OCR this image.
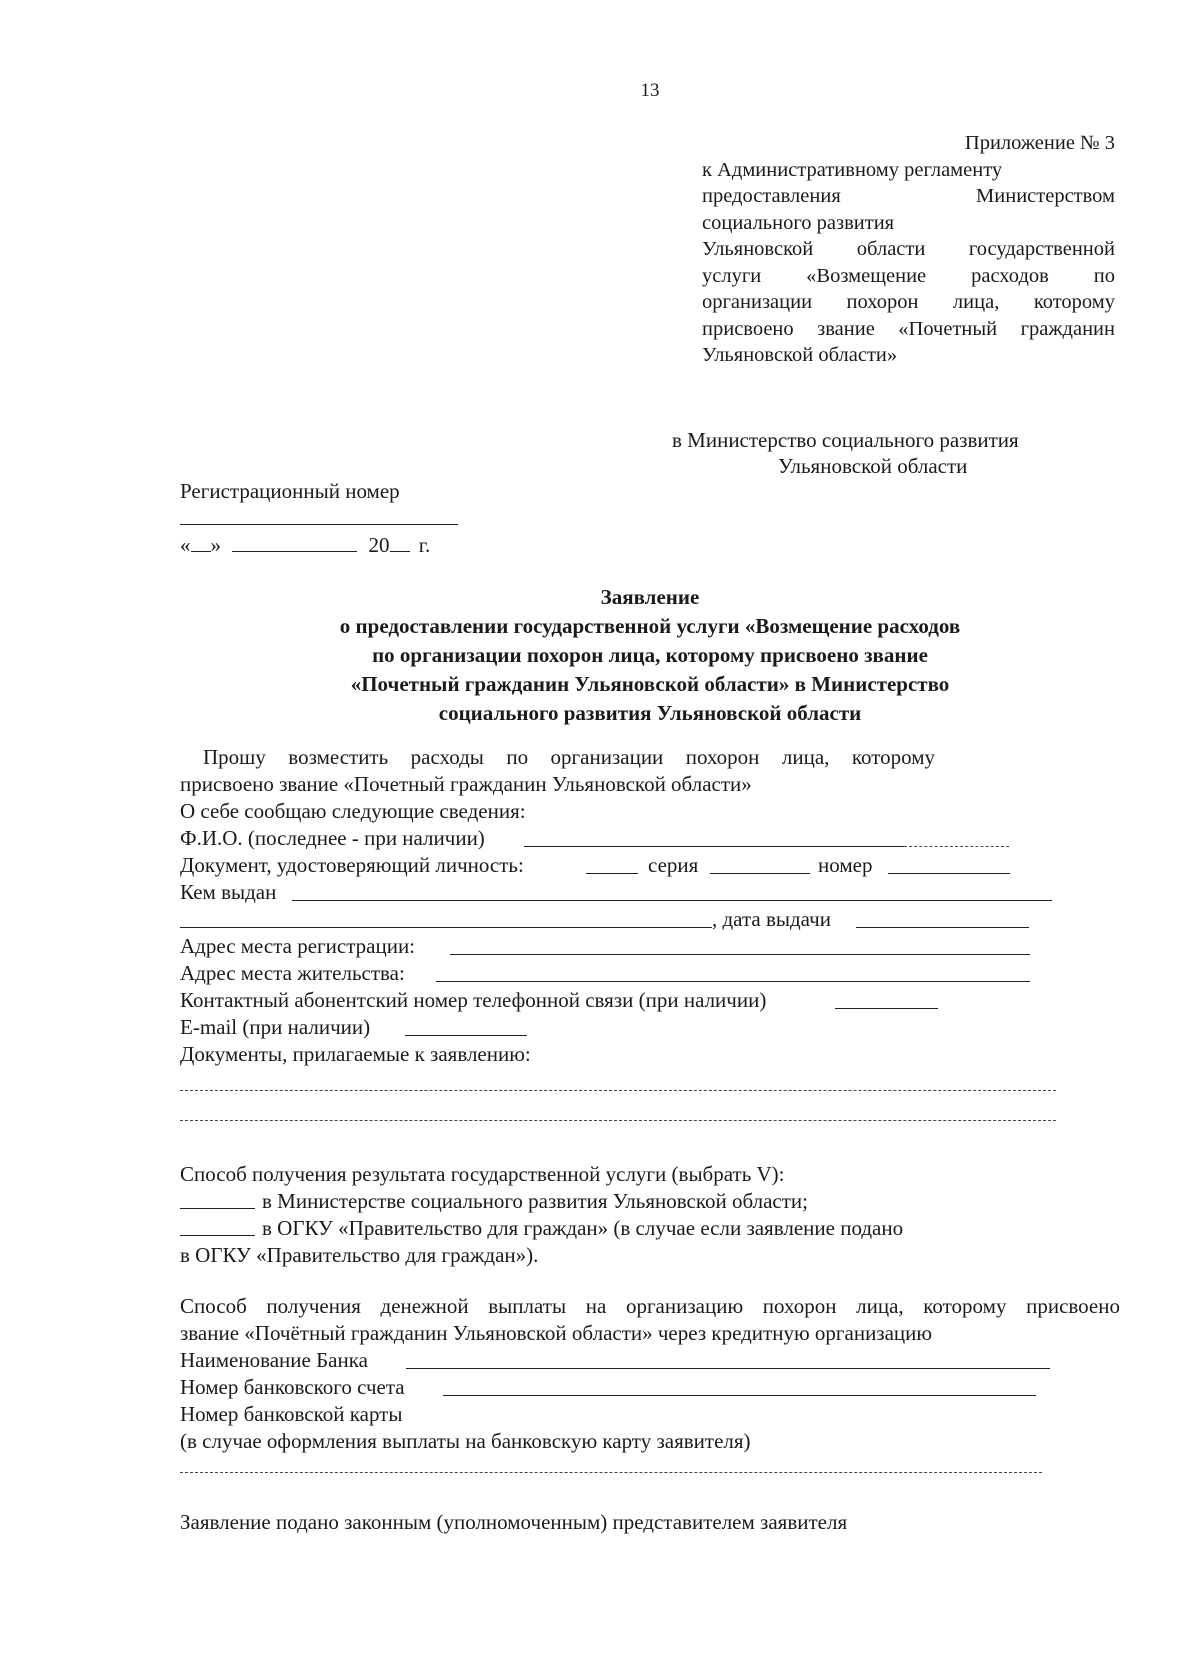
13
Приложение № 3
к Административному регламенту
предоставления Министерством
социального развития
Ульяновской области государственной
услуги «Возмещение расходов по
организации похорон лица, которому
присвоено звание «Почетный гражданин
Ульяновской области»
в Министерство социального развития
Ульяновской области
Регистрационный номер
« »	20 г.
Заявление
о предоставлении государственной услуги «Возмещение расходов
по организации похорон лица, которому присвоено звание
«Почетный гражданин Ульяновской области» в Министерство
социального развития Ульяновской области
Прошу возместить расходы по организации похорон лица, которому
присвоено звание «Почетный гражданин Ульяновской области»
О себе сообщаю следующие сведения:
Ф.И.О. (последнее - при наличии)
Документ, удостоверяющий личность:	серия	номер
Кем выдан
, дата выдачи
Адрес места регистрации:
Адрес места жительства:
Контактный абонентский номер телефонной связи (при наличии)
E-mail (при наличии)
Документы, прилагаемые к заявлению:
Способ получения результата государственной услуги (выбрать V):
в Министерстве социального развития Ульяновской области;
в ОГКУ «Правительство для граждан» (в случае если заявление подано
в ОГКУ «Правительство для граждан»).
Способ получения денежной выплаты на организацию похорон лица, которому присвоено
звание «Почётный гражданин Ульяновской области» через кредитную организацию
Наименование Банка
Номер банковского счета
Номер банковской карты
(в случае оформления выплаты на банковскую карту заявителя)
Заявление подано законным (уполномоченным) представителем заявителя
